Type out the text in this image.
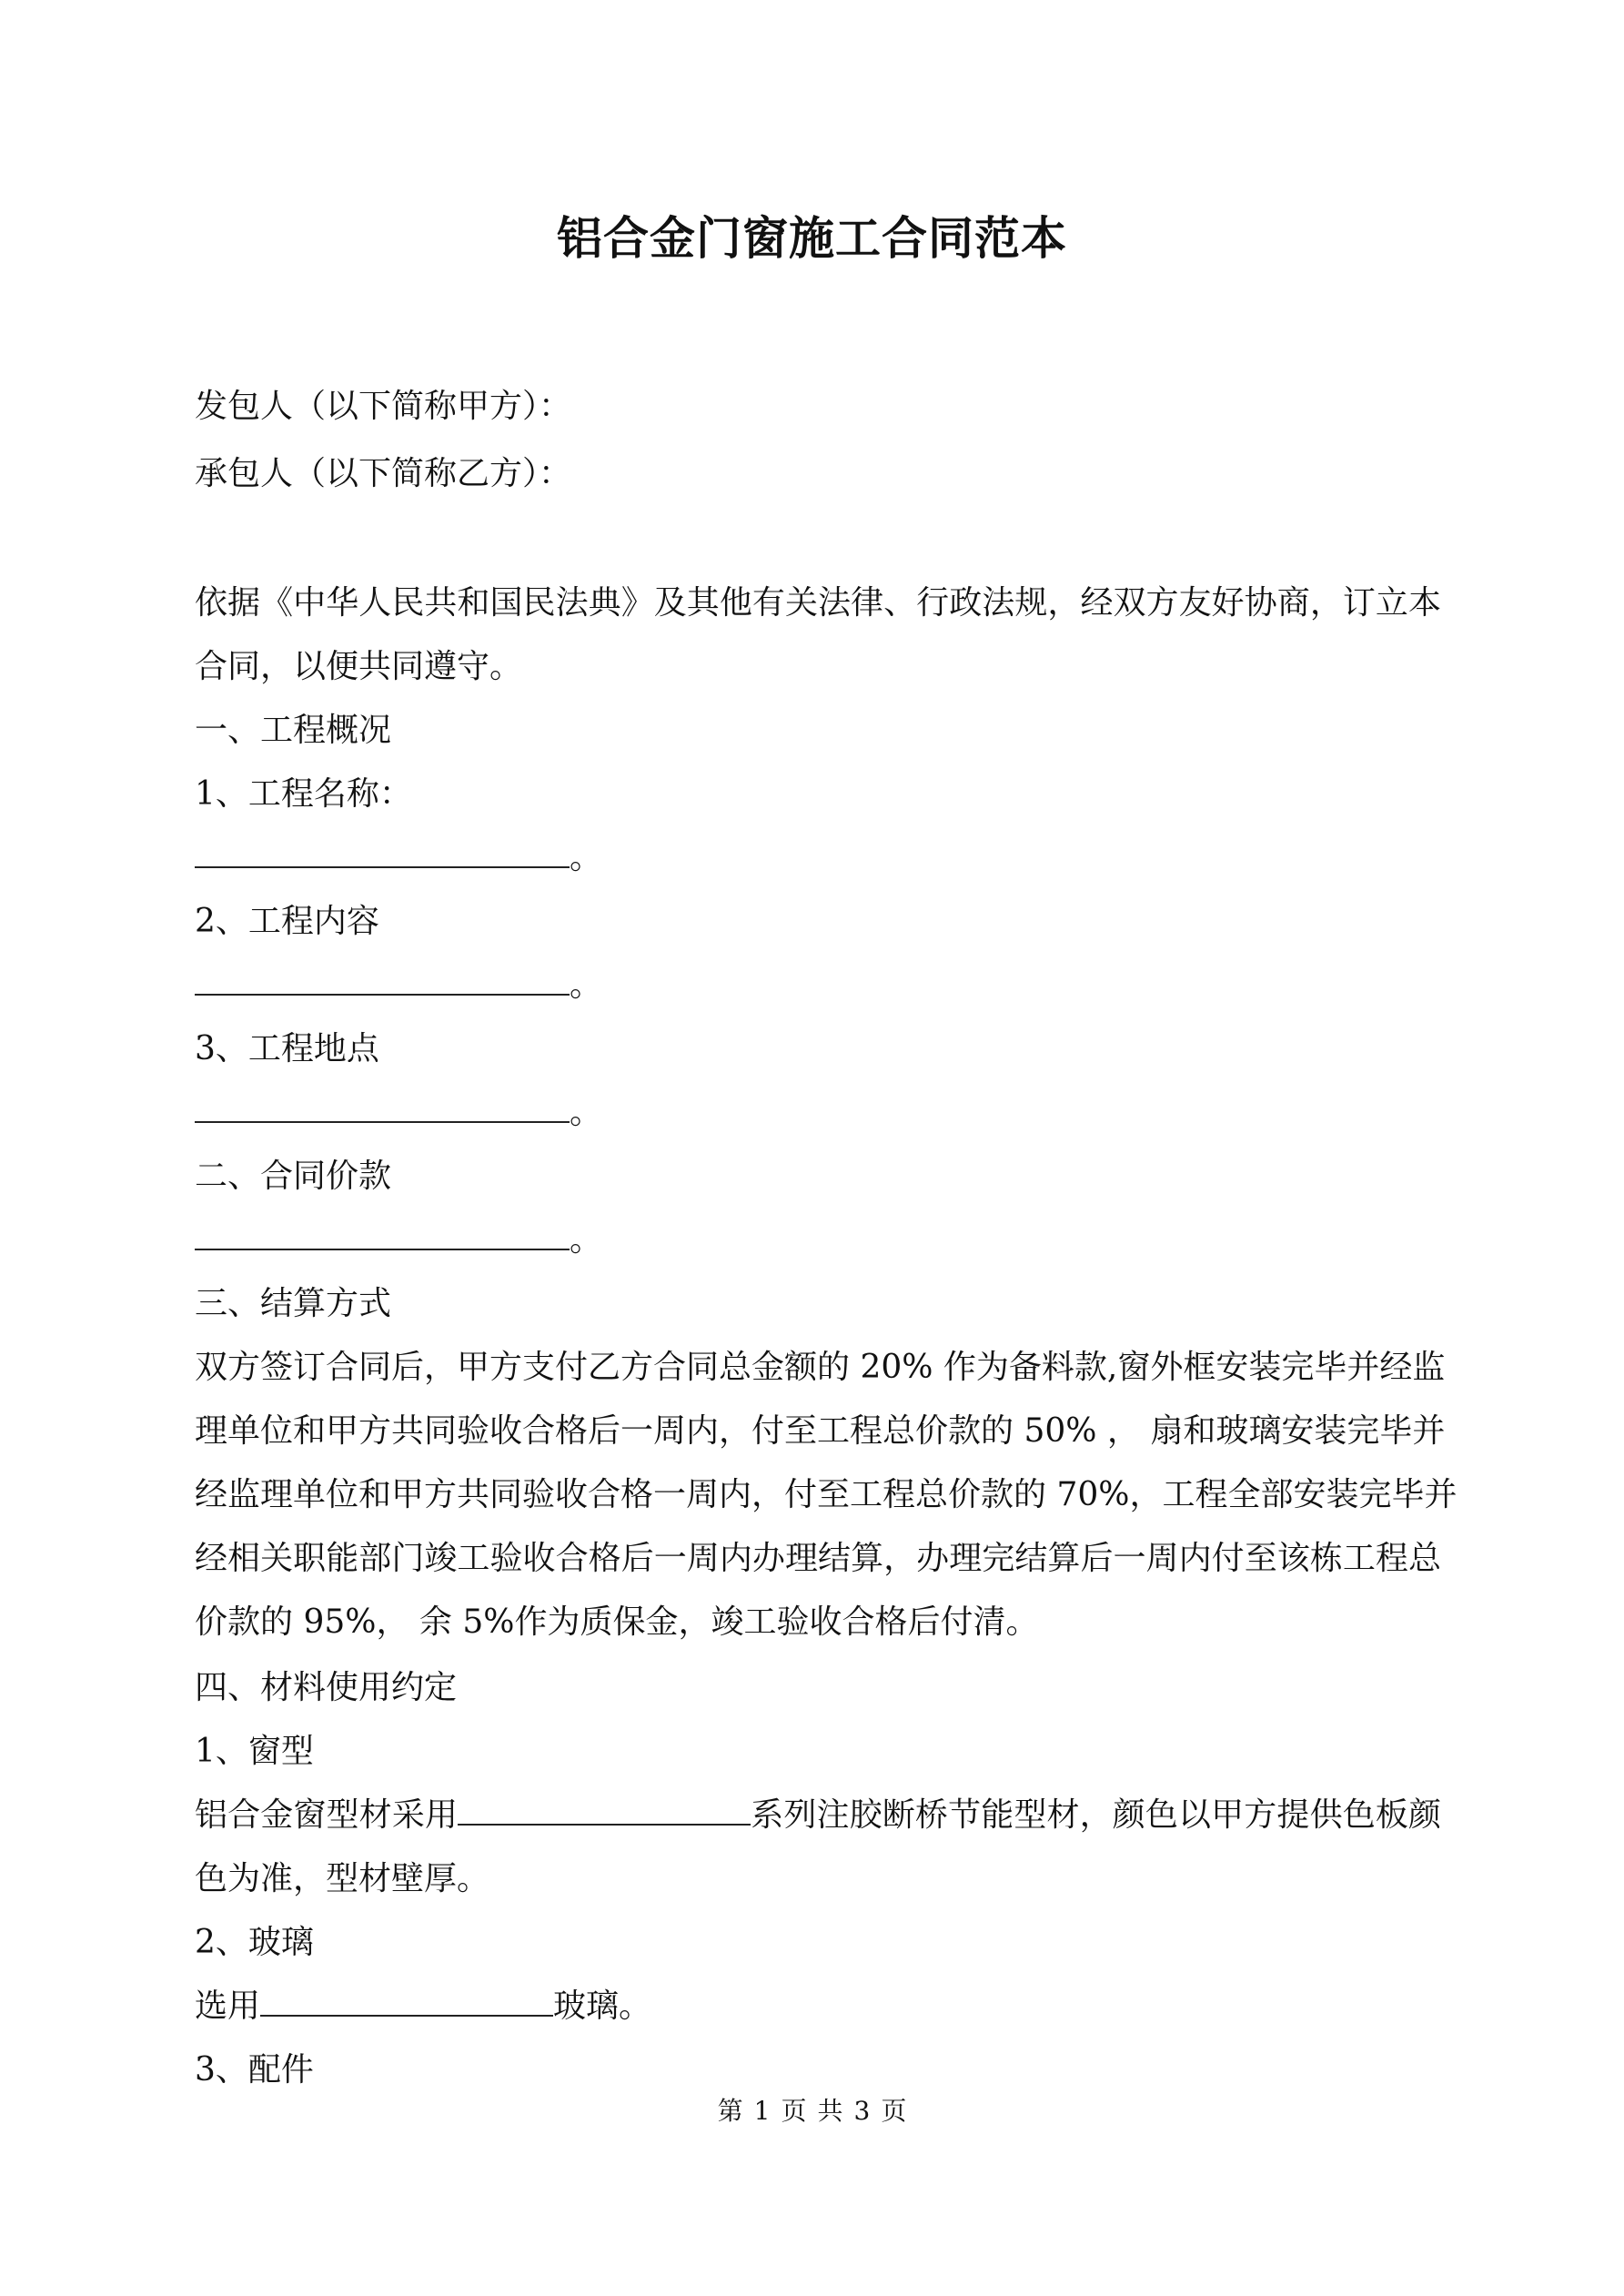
铝合金门窗施工合同范本
发包人（以下简称甲方）：
承包人（以下简称乙方）：
依据《中华人民共和国民法典》及其他有关法律、行政法规，经双方友好协商，订立本
合同，以便共同遵守。
一、工程概况
1、工程名称：
。
2、工程内容
。
3、工程地点
。
二、合同价款
。
三、结算方式
双方签订合同后，甲方支付乙方合同总金额的 20% 作为备料款,窗外框安装完毕并经监
理单位和甲方共同验收合格后一周内，付至工程总价款的 50% ， 扇和玻璃安装完毕并
经监理单位和甲方共同验收合格一周内，付至工程总价款的 70%，工程全部安装完毕并
经相关职能部门竣工验收合格后一周内办理结算，办理完结算后一周内付至该栋工程总
价款的 95%， 余 5%作为质保金，竣工验收合格后付清。
四、材料使用约定
1、窗型
铝合金窗型材采用	系列注胶断桥节能型材，颜色以甲方提供色板颜
色为准，型材壁厚。
2、玻璃
选用	玻璃。
3、配件
第 1 页 共 3 页
